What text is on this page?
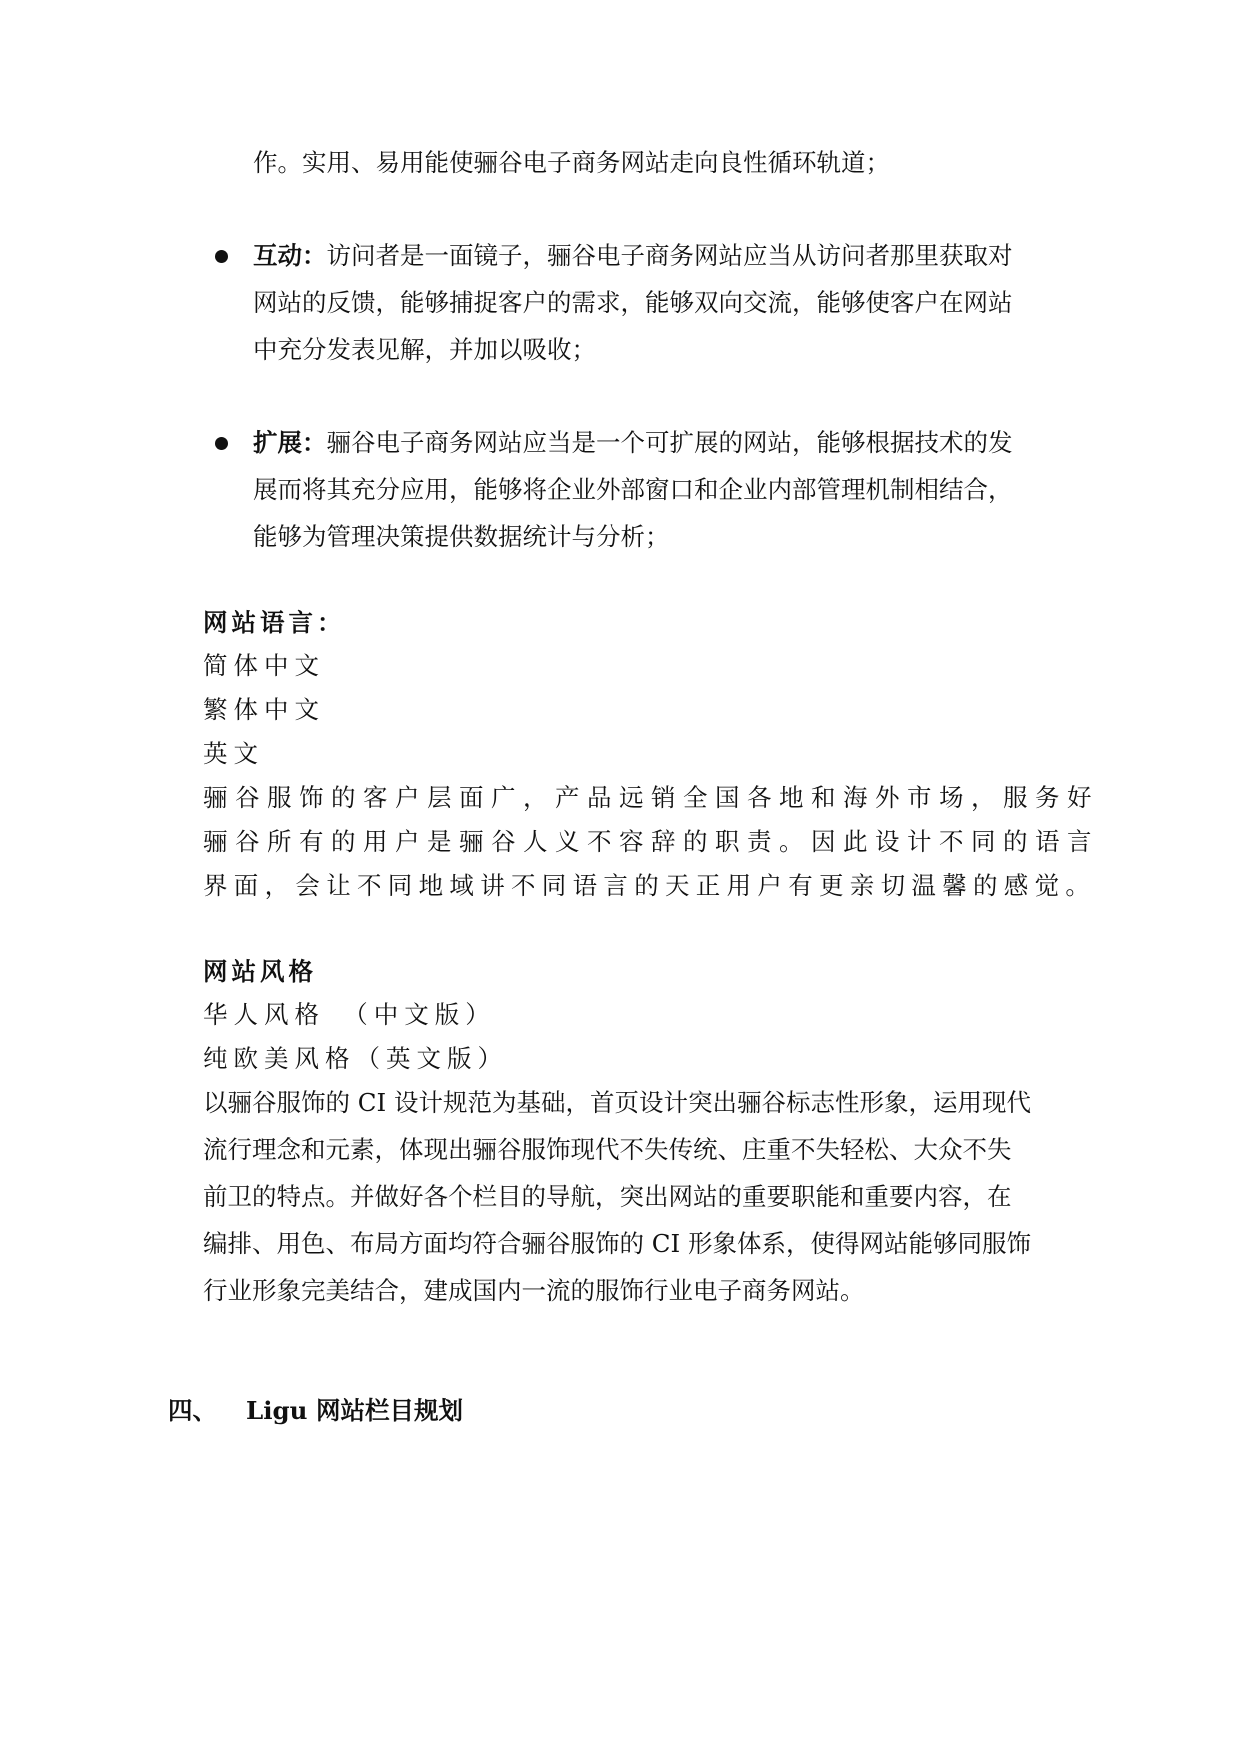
作。实用、易用能使骊谷电子商务网站走向良性循环轨道；
互动：访问者是一面镜子，骊谷电子商务网站应当从访问者那里获取对
网站的反馈，能够捕捉客户的需求，能够双向交流，能够使客户在网站
中充分发表见解，并加以吸收；
扩展：骊谷电子商务网站应当是一个可扩展的网站，能够根据技术的发
展而将其充分应用，能够将企业外部窗口和企业内部管理机制相结合，
能够为管理决策提供数据统计与分析；
网站语言：
简体中文
繁体中文
英文
骊谷服饰的客户层面广，产品远销全国各地和海外市场，服务好
骊谷所有的用户是骊谷人义不容辞的职责。因此设计不同的语言
界面，会让不同地域讲不同语言的天正用户有更亲切温馨的感觉。
网站风格
华人风格　（中文版）
纯欧美风格（英文版）
以骊谷服饰的 CI 设计规范为基础，首页设计突出骊谷标志性形象，运用现代
流行理念和元素，体现出骊谷服饰现代不失传统、庄重不失轻松、大众不失
前卫的特点。并做好各个栏目的导航，突出网站的重要职能和重要内容，在
编排、用色、布局方面均符合骊谷服饰的 CI 形象体系，使得网站能够同服饰
行业形象完美结合，建成国内一流的服饰行业电子商务网站。
四、 Ligu 网站栏目规划
